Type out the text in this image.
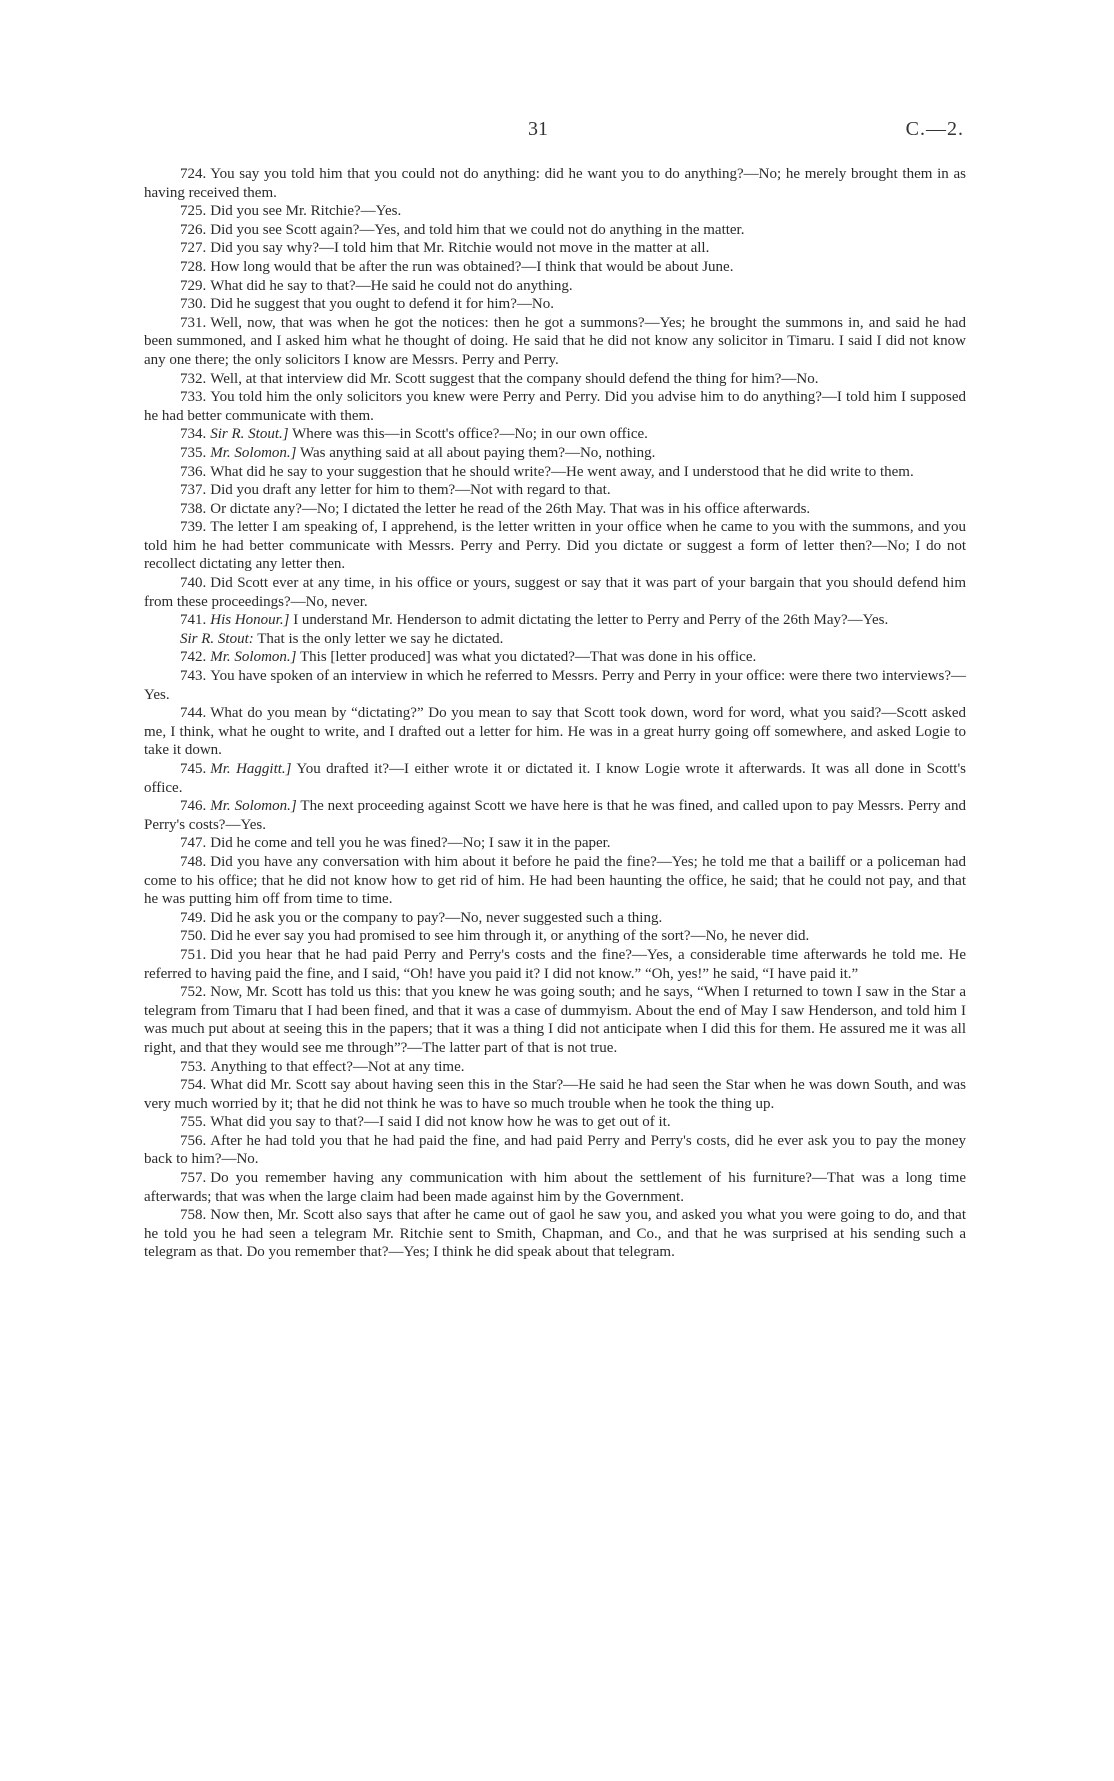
31	C.—2.

724. You say you told him that you could not do anything: did he want you to do anything?—No; he merely brought them in as having received them.

725. Did you see Mr. Ritchie?—Yes.

726. Did you see Scott again?—Yes, and told him that we could not do anything in the matter.

727. Did you say why?—I told him that Mr. Ritchie would not move in the matter at all.

728. How long would that be after the run was obtained?—I think that would be about June.

729. What did he say to that?—He said he could not do anything.

730. Did he suggest that you ought to defend it for him?—No.

731. Well, now, that was when he got the notices: then he got a summons?—Yes; he brought the summons in, and said he had been summoned, and I asked him what he thought of doing. He said that he did not know any solicitor in Timaru. I said I did not know any one there; the only solicitors I know are Messrs. Perry and Perry.

732. Well, at that interview did Mr. Scott suggest that the company should defend the thing for him?—No.

733. You told him the only solicitors you knew were Perry and Perry. Did you advise him to do anything?—I told him I supposed he had better communicate with them.

734. Sir R. Stout.] Where was this—in Scott's office?—No; in our own office.

735. Mr. Solomon.] Was anything said at all about paying them?—No, nothing.

736. What did he say to your suggestion that he should write?—He went away, and I understood that he did write to them.

737. Did you draft any letter for him to them?—Not with regard to that.

738. Or dictate any?—No; I dictated the letter he read of the 26th May. That was in his office afterwards.

739. The letter I am speaking of, I apprehend, is the letter written in your office when he came to you with the summons, and you told him he had better communicate with Messrs. Perry and Perry. Did you dictate or suggest a form of letter then?—No; I do not recollect dictating any letter then.

740. Did Scott ever at any time, in his office or yours, suggest or say that it was part of your bargain that you should defend him from these proceedings?—No, never.

741. His Honour.] I understand Mr. Henderson to admit dictating the letter to Perry and Perry of the 26th May?—Yes.

Sir R. Stout: That is the only letter we say he dictated.

742. Mr. Solomon.] This [letter produced] was what you dictated?—That was done in his office.

743. You have spoken of an interview in which he referred to Messrs. Perry and Perry in your office: were there two interviews?—Yes.

744. What do you mean by “dictating?” Do you mean to say that Scott took down, word for word, what you said?—Scott asked me, I think, what he ought to write, and I drafted out a letter for him. He was in a great hurry going off somewhere, and asked Logie to take it down.

745. Mr. Haggitt.] You drafted it?—I either wrote it or dictated it. I know Logie wrote it afterwards. It was all done in Scott's office.

746. Mr. Solomon.] The next proceeding against Scott we have here is that he was fined, and called upon to pay Messrs. Perry and Perry's costs?—Yes.

747. Did he come and tell you he was fined?—No; I saw it in the paper.

748. Did you have any conversation with him about it before he paid the fine?—Yes; he told me that a bailiff or a policeman had come to his office; that he did not know how to get rid of him. He had been haunting the office, he said; that he could not pay, and that he was putting him off from time to time.

749. Did he ask you or the company to pay?—No, never suggested such a thing.

750. Did he ever say you had promised to see him through it, or anything of the sort?—No, he never did.

751. Did you hear that he had paid Perry and Perry's costs and the fine?—Yes, a considerable time afterwards he told me. He referred to having paid the fine, and I said, “Oh! have you paid it? I did not know.” “Oh, yes!” he said, “I have paid it.”

752. Now, Mr. Scott has told us this: that you knew he was going south; and he says, “When I returned to town I saw in the Star a telegram from Timaru that I had been fined, and that it was a case of dummyism. About the end of May I saw Henderson, and told him I was much put about at seeing this in the papers; that it was a thing I did not anticipate when I did this for them. He assured me it was all right, and that they would see me through”?—The latter part of that is not true.

753. Anything to that effect?—Not at any time.

754. What did Mr. Scott say about having seen this in the Star?—He said he had seen the Star when he was down South, and was very much worried by it; that he did not think he was to have so much trouble when he took the thing up.

755. What did you say to that?—I said I did not know how he was to get out of it.

756. After he had told you that he had paid the fine, and had paid Perry and Perry's costs, did he ever ask you to pay the money back to him?—No.

757. Do you remember having any communication with him about the settlement of his furniture?—That was a long time afterwards; that was when the large claim had been made against him by the Government.

758. Now then, Mr. Scott also says that after he came out of gaol he saw you, and asked you what you were going to do, and that he told you he had seen a telegram Mr. Ritchie sent to Smith, Chapman, and Co., and that he was surprised at his sending such a telegram as that. Do you remember that?—Yes; I think he did speak about that telegram.
